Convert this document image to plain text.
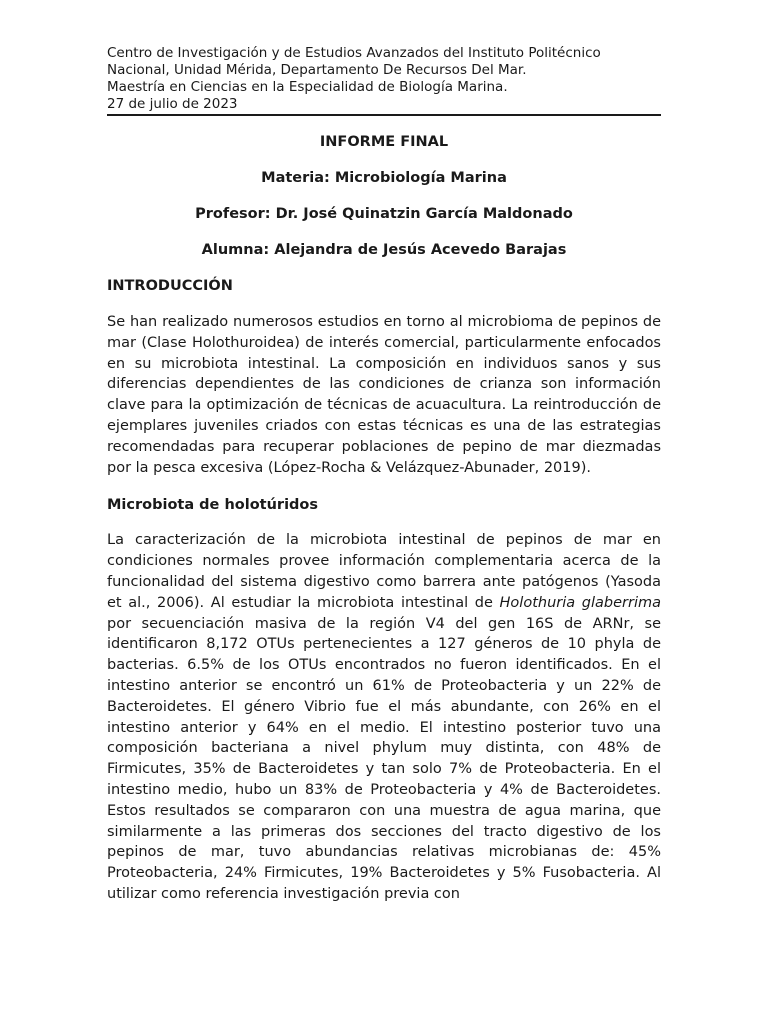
Centro de Investigación y de Estudios Avanzados del Instituto Politécnico
Nacional, Unidad Mérida, Departamento De Recursos Del Mar.
Maestría en Ciencias en la Especialidad de Biología Marina.
27 de julio de 2023

INFORME FINAL

Materia: Microbiología Marina

Profesor: Dr. José Quinatzin García Maldonado

Alumna: Alejandra de Jesús Acevedo Barajas

INTRODUCCIÓN

Se han realizado numerosos estudios en torno al microbioma de pepinos de mar (Clase Holothuroidea) de interés comercial, particularmente enfocados en su microbiota intestinal. La composición en individuos sanos y sus diferencias dependientes de las condiciones de crianza son información clave para la optimización de técnicas de acuacultura. La reintroducción de ejemplares juveniles criados con estas técnicas es una de las estrategias recomendadas para recuperar poblaciones de pepino de mar diezmadas por la pesca excesiva (López-Rocha & Velázquez-Abunader, 2019).

Microbiota de holotúridos

La caracterización de la microbiota intestinal de pepinos de mar en condiciones normales provee información complementaria acerca de la funcionalidad del sistema digestivo como barrera ante patógenos (Yasoda et al., 2006). Al estudiar la microbiota intestinal de Holothuria glaberrima por secuenciación masiva de la región V4 del gen 16S de ARNr, se identificaron 8,172 OTUs pertenecientes a 127 géneros de 10 phyla de bacterias. 6.5% de los OTUs encontrados no fueron identificados. En el intestino anterior se encontró un 61% de Proteobacteria y un 22% de Bacteroidetes. El género Vibrio fue el más abundante, con 26% en el intestino anterior y 64% en el medio. El intestino posterior tuvo una composición bacteriana a nivel phylum muy distinta, con 48% de Firmicutes, 35% de Bacteroidetes y tan solo 7% de Proteobacteria. En el intestino medio, hubo un 83% de Proteobacteria y 4% de Bacteroidetes. Estos resultados se compararon con una muestra de agua marina, que similarmente a las primeras dos secciones del tracto digestivo de los pepinos de mar, tuvo abundancias relativas microbianas de: 45% Proteobacteria, 24% Firmicutes, 19% Bacteroidetes y 5% Fusobacteria. Al utilizar como referencia investigación previa con
